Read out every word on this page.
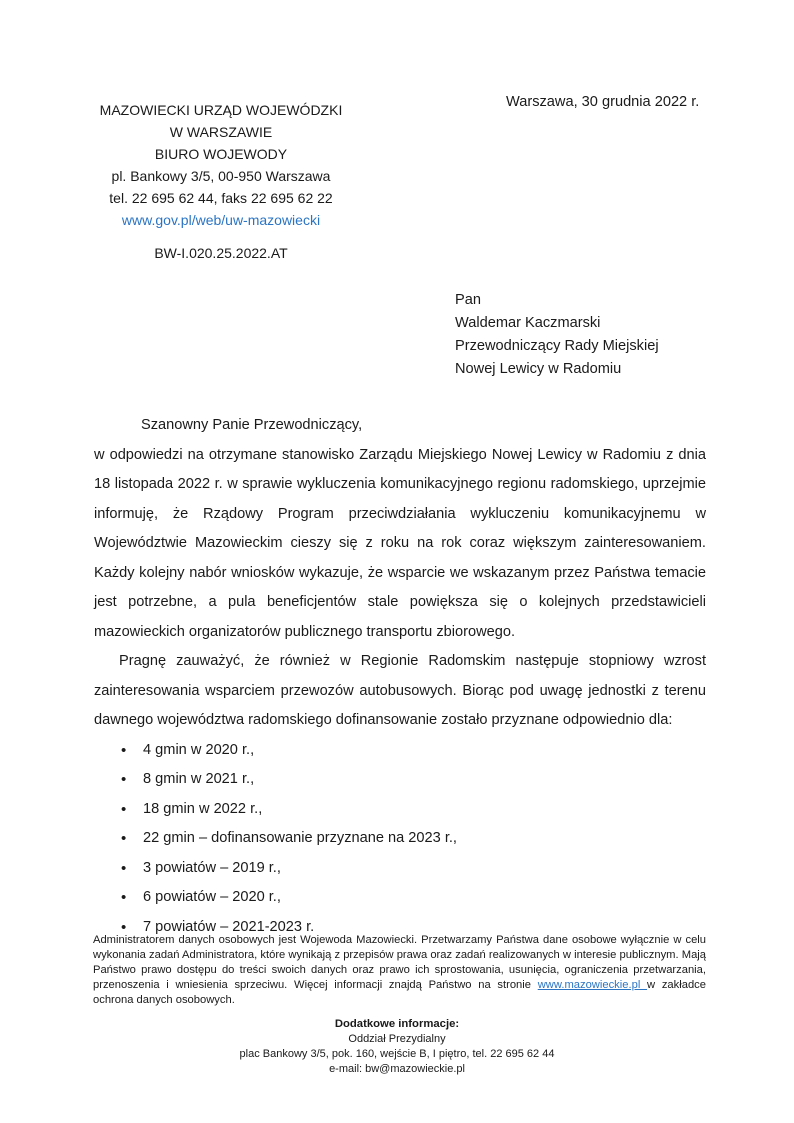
Warszawa, 30 grudnia 2022 r.
MAZOWIECKI URZĄD WOJEWÓDZKI
W WARSZAWIE
BIURO WOJEWODY
pl. Bankowy 3/5, 00-950 Warszawa
tel. 22 695 62 44, faks 22 695 62 22
www.gov.pl/web/uw-mazowiecki
BW-I.020.25.2022.AT
Pan
Waldemar Kaczmarski
Przewodniczący Rady Miejskiej
Nowej Lewicy w Radomiu

Szanowny Panie Przewodniczący,

w odpowiedzi na otrzymane stanowisko Zarządu Miejskiego Nowej Lewicy w Radomiu z dnia 18 listopada 2022 r. w sprawie wykluczenia komunikacyjnego regionu radomskiego, uprzejmie informuję, że Rządowy Program przeciwdziałania wykluczeniu komunikacyjnemu w Województwie Mazowieckim cieszy się z roku na rok coraz większym zainteresowaniem. Każdy kolejny nabór wniosków wykazuje, że wsparcie we wskazanym przez Państwa temacie jest potrzebne, a pula beneficjentów stale powiększa się o kolejnych przedstawicieli mazowieckich organizatorów publicznego transportu zbiorowego.

Pragnę zauważyć, że również w Regionie Radomskim następuje stopniowy wzrost zainteresowania wsparciem przewozów autobusowych. Biorąc pod uwagę jednostki z terenu dawnego województwa radomskiego dofinansowanie zostało przyznane odpowiednio dla:

• 4 gmin w 2020 r.,
• 8 gmin w 2021 r.,
• 18 gmin w 2022 r.,
• 22 gmin – dofinansowanie przyznane na 2023 r.,
• 3 powiatów – 2019 r.,
• 6 powiatów – 2020 r.,
• 7 powiatów – 2021-2023 r.

Administratorem danych osobowych jest Wojewoda Mazowiecki. Przetwarzamy Państwa dane osobowe wyłącznie w celu wykonania zadań Administratora, które wynikają z przepisów prawa oraz zadań realizowanych w interesie publicznym. Mają Państwo prawo dostępu do treści swoich danych oraz prawo ich sprostowania, usunięcia, ograniczenia przetwarzania, przenoszenia i wniesienia sprzeciwu. Więcej informacji znajdą Państwo na stronie www.mazowieckie.pl w zakładce ochrona danych osobowych.

Dodatkowe informacje:
Oddział Prezydialny
plac Bankowy 3/5, pok. 160, wejście B, I piętro, tel. 22 695 62 44
e-mail: bw@mazowieckie.pl
